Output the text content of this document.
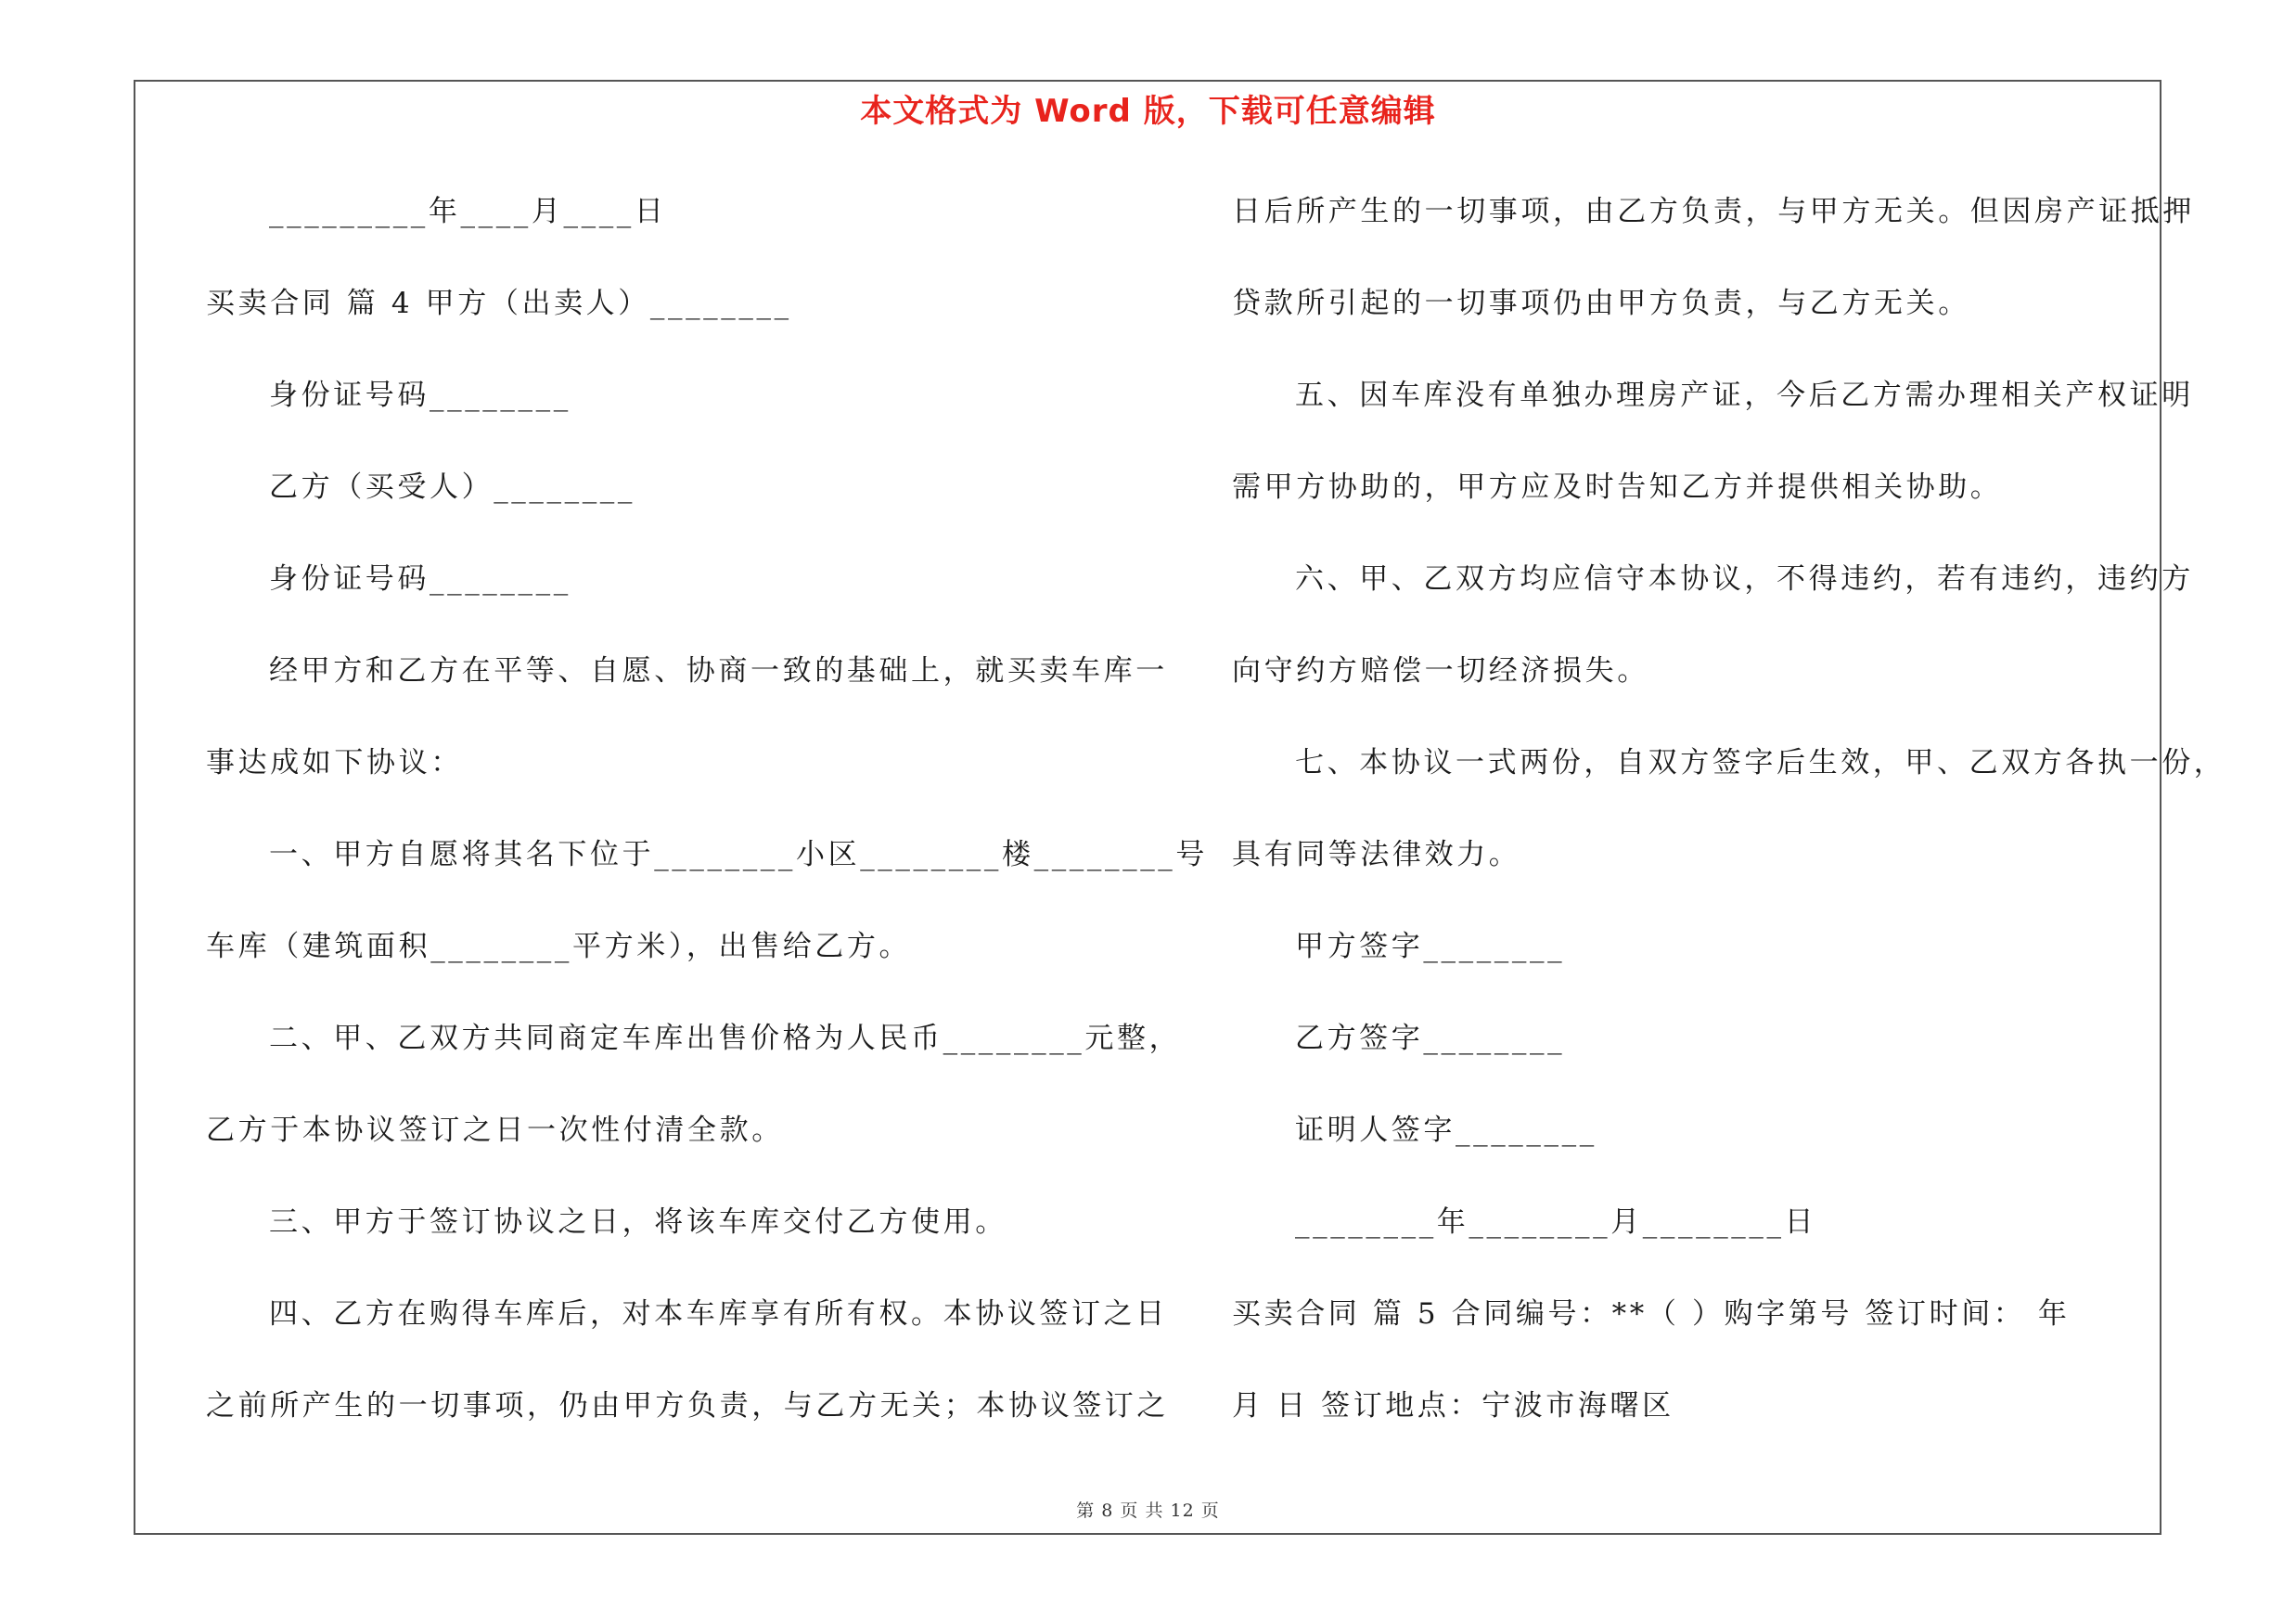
本文格式为 Word 版，下载可任意编辑
_________年____月____日
买卖合同 篇 4 甲方（出卖人）________
身份证号码________
乙方（买受人）________
身份证号码________
经甲方和乙方在平等、自愿、协商一致的基础上，就买卖车库一
事达成如下协议：
一、甲方自愿将其名下位于________小区________楼________号
车库（建筑面积________平方米），出售给乙方。
二、甲、乙双方共同商定车库出售价格为人民币________元整，
乙方于本协议签订之日一次性付清全款。
三、甲方于签订协议之日，将该车库交付乙方使用。
四、乙方在购得车库后，对本车库享有所有权。本协议签订之日
之前所产生的一切事项，仍由甲方负责，与乙方无关；本协议签订之
日后所产生的一切事项，由乙方负责，与甲方无关。但因房产证抵押
贷款所引起的一切事项仍由甲方负责，与乙方无关。
五、因车库没有单独办理房产证，今后乙方需办理相关产权证明
需甲方协助的，甲方应及时告知乙方并提供相关协助。
六、甲、乙双方均应信守本协议，不得违约，若有违约，违约方
向守约方赔偿一切经济损失。
七、本协议一式两份，自双方签字后生效，甲、乙双方各执一份，
具有同等法律效力。
甲方签字________
乙方签字________
证明人签字________
________年________月________日
买卖合同 篇 5 合同编号：**（ ）购字第号 签订时间： 年
月 日 签订地点：宁波市海曙区
第 8 页 共 12 页
